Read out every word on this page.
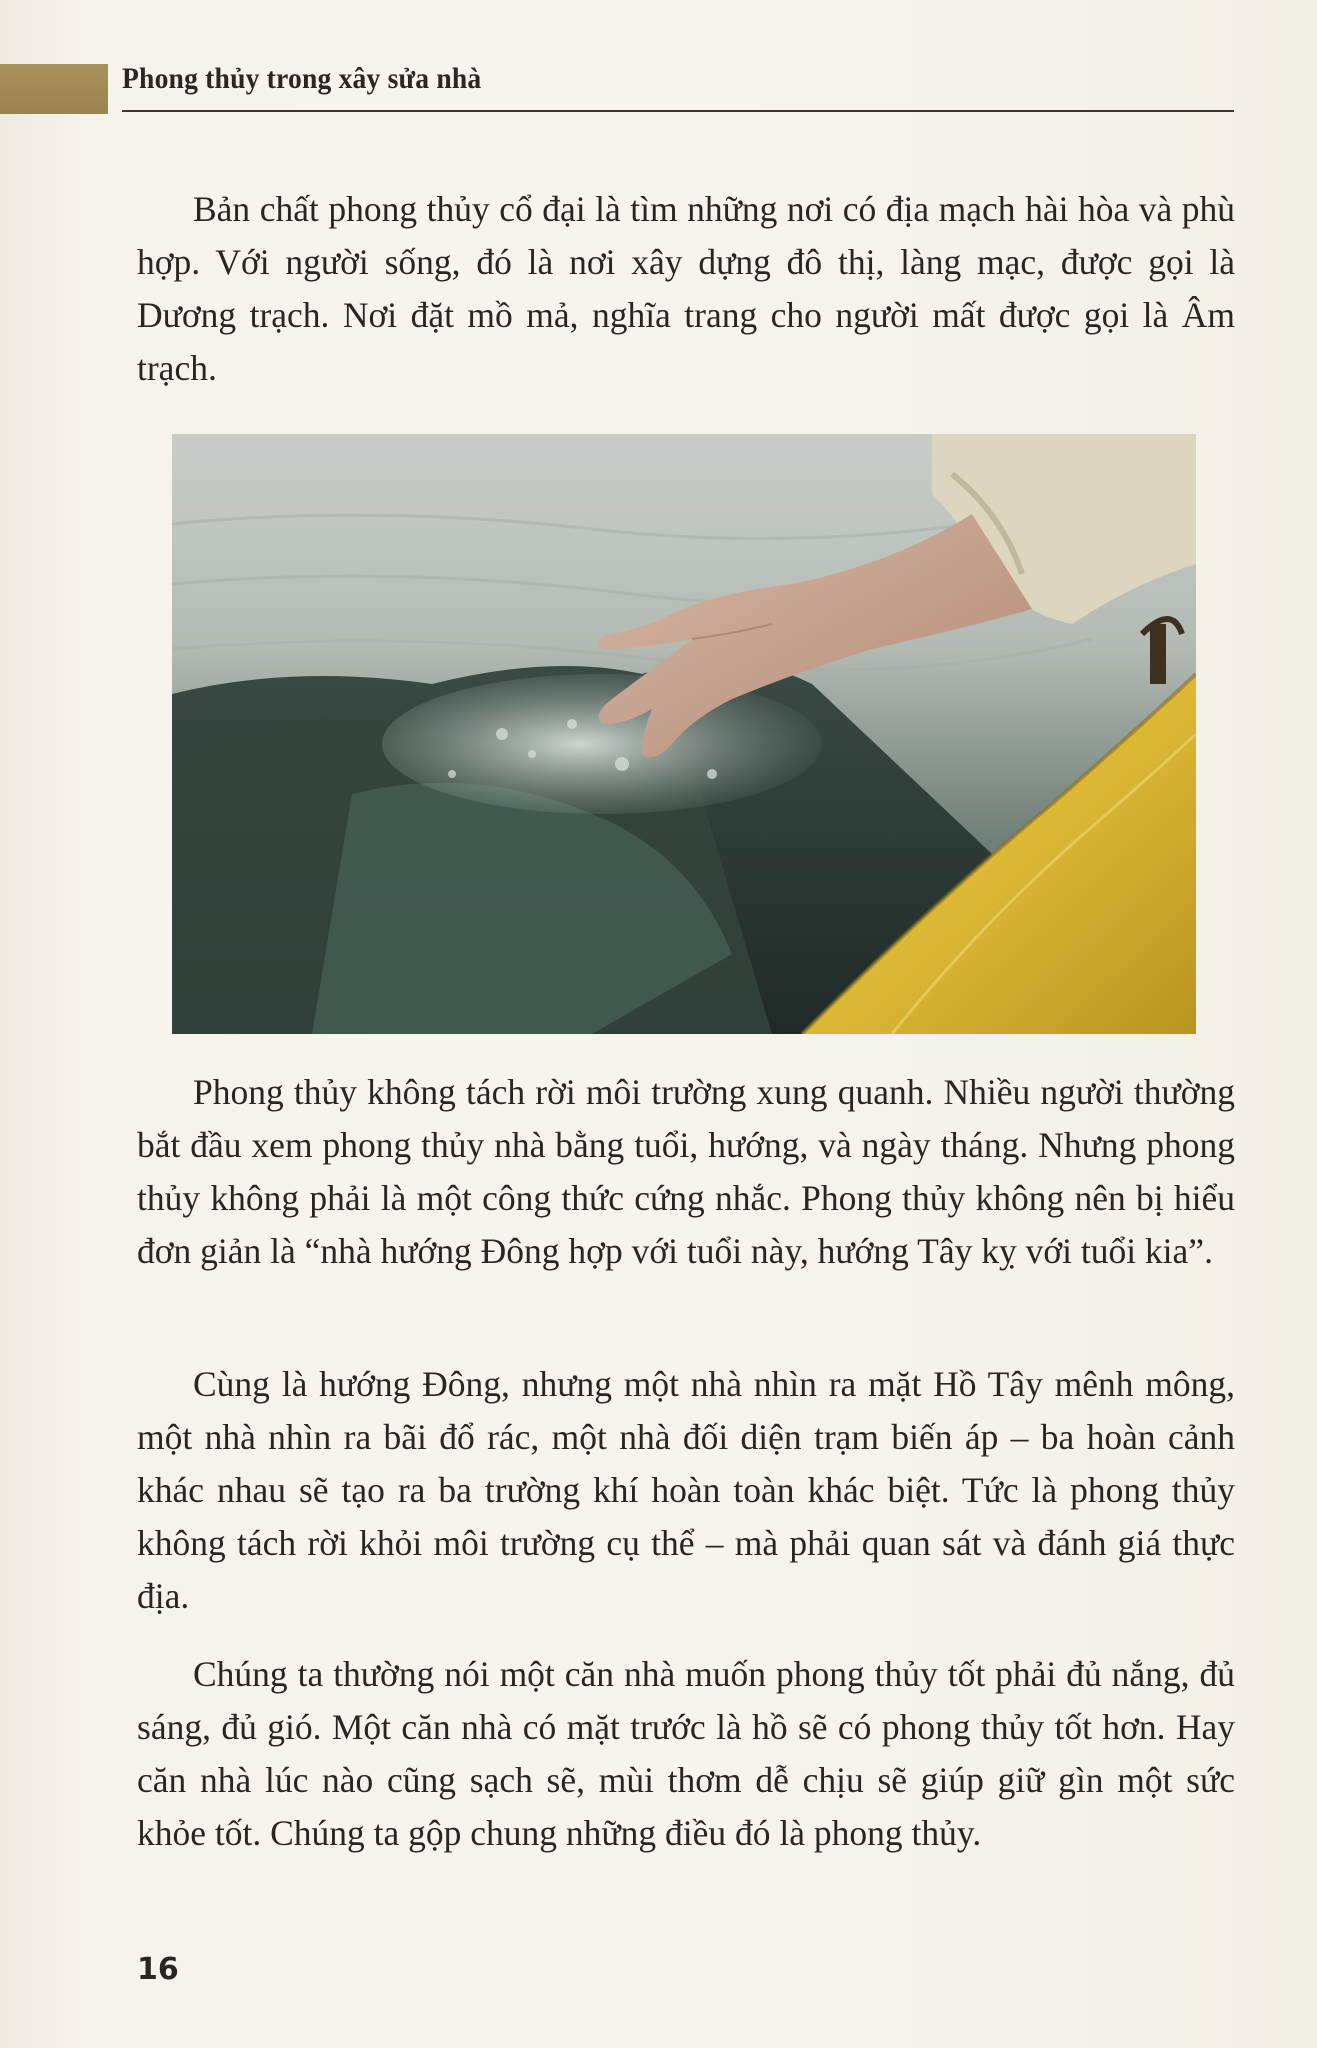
Phong thủy trong xây sửa nhà

Bản chất phong thủy cổ đại là tìm những nơi có địa mạch hài hòa và phù hợp. Với người sống, đó là nơi xây dựng đô thị, làng mạc, được gọi là Dương trạch. Nơi đặt mồ mả, nghĩa trang cho người mất được gọi là Âm trạch.

Phong thủy không tách rời môi trường xung quanh. Nhiều người thường bắt đầu xem phong thủy nhà bằng tuổi, hướng, và ngày tháng. Nhưng phong thủy không phải là một công thức cứng nhắc. Phong thủy không nên bị hiểu đơn giản là “nhà hướng Đông hợp với tuổi này, hướng Tây kỵ với tuổi kia”.

Cùng là hướng Đông, nhưng một nhà nhìn ra mặt Hồ Tây mênh mông, một nhà nhìn ra bãi đổ rác, một nhà đối diện trạm biến áp – ba hoàn cảnh khác nhau sẽ tạo ra ba trường khí hoàn toàn khác biệt. Tức là phong thủy không tách rời khỏi môi trường cụ thể – mà phải quan sát và đánh giá thực địa.

Chúng ta thường nói một căn nhà muốn phong thủy tốt phải đủ nắng, đủ sáng, đủ gió. Một căn nhà có mặt trước là hồ sẽ có phong thủy tốt hơn. Hay căn nhà lúc nào cũng sạch sẽ, mùi thơm dễ chịu sẽ giúp giữ gìn một sức khỏe tốt. Chúng ta gộp chung những điều đó là phong thủy.

16
